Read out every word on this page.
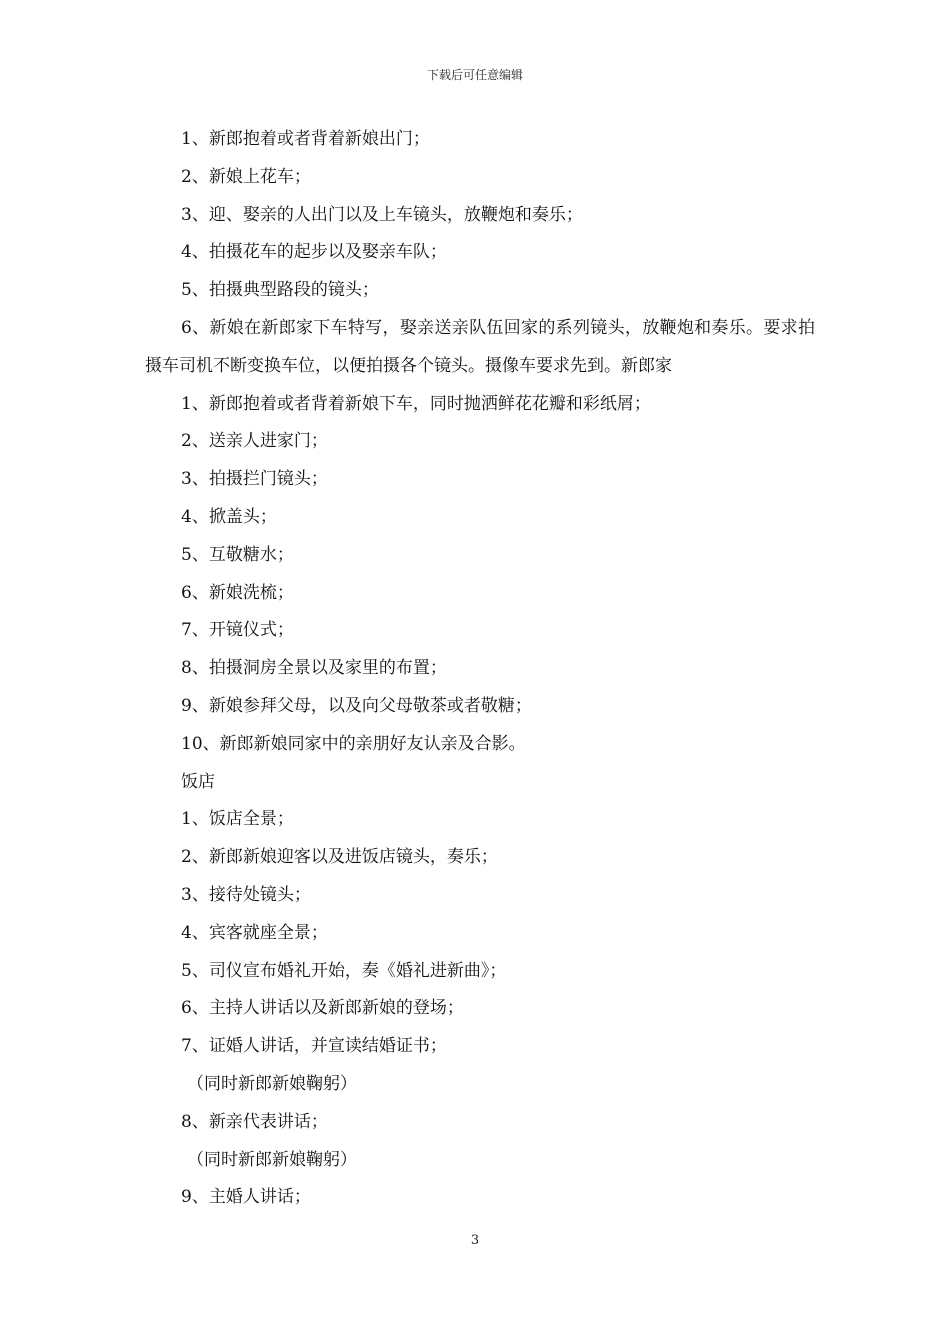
下载后可任意编辑

1、新郎抱着或者背着新娘出门；

2、新娘上花车；

3、迎、娶亲的人出门以及上车镜头，放鞭炮和奏乐；

4、拍摄花车的起步以及娶亲车队；

5、拍摄典型路段的镜头；

6、新娘在新郎家下车特写，娶亲送亲队伍回家的系列镜头，放鞭炮和奏乐。要求拍摄车司机不断变换车位，以便拍摄各个镜头。摄像车要求先到。新郎家

1、新郎抱着或者背着新娘下车，同时抛洒鲜花花瓣和彩纸屑；

2、送亲人进家门；

3、拍摄拦门镜头；

4、掀盖头；

5、互敬糖水；

6、新娘洗梳；

7、开镜仪式；

8、拍摄洞房全景以及家里的布置；

9、新娘参拜父母，以及向父母敬茶或者敬糖；

10、新郎新娘同家中的亲朋好友认亲及合影。

饭店

1、饭店全景；

2、新郎新娘迎客以及进饭店镜头，奏乐；

3、接待处镜头；

4、宾客就座全景；

5、司仪宣布婚礼开始，奏《婚礼进新曲》；

6、主持人讲话以及新郎新娘的登场；

7、证婚人讲话，并宣读结婚证书；

（同时新郎新娘鞠躬）

8、新亲代表讲话；

（同时新郎新娘鞠躬）

9、主婚人讲话；

3
